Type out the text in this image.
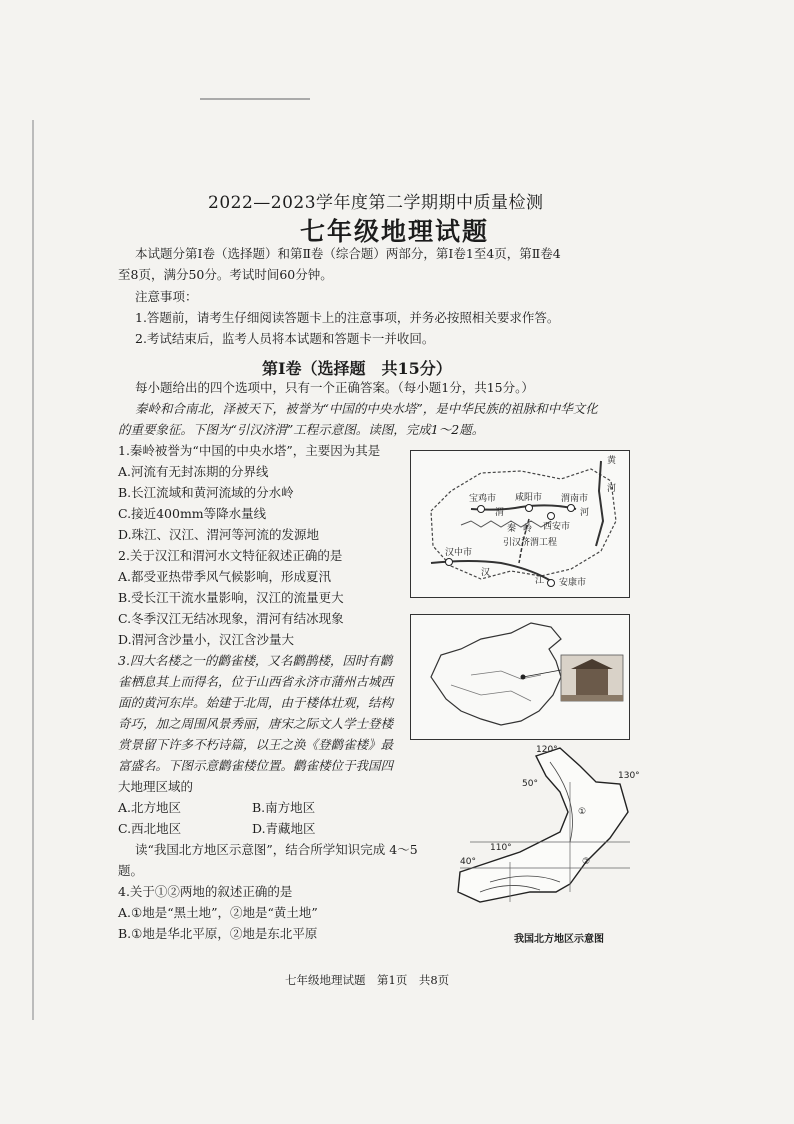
2022—2023学年度第二学期期中质量检测
七年级地理试题
本试题分第Ⅰ卷（选择题）和第Ⅱ卷（综合题）两部分，第Ⅰ卷1至4页，第Ⅱ卷4
至8页，满分50分。考试时间60分钟。
注意事项：
1.答题前，请考生仔细阅读答题卡上的注意事项，并务必按照相关要求作答。
2.考试结束后，监考人员将本试题和答题卡一并收回。
第Ⅰ卷（选择题　共15分）
每小题给出的四个选项中，只有一个正确答案。（每小题1分，共15分。）
秦岭和合南北，泽被天下，被誉为“中国的中央水塔”，是中华民族的祖脉和中华文化
的重要象征。下图为“引汉济渭”工程示意图。读图，完成1～2题。
1.秦岭被誉为“中国的中央水塔”，主要因为其是
A.河流有无封冻期的分界线
B.长江流域和黄河流域的分水岭
C.接近400mm等降水量线
D.珠江、汉江、渭河等河流的发源地
2.关于汉江和渭河水文特征叙述正确的是
A.都受亚热带季风气候影响，形成夏汛
B.受长江干流水量影响，汉江的流量更大
C.冬季汉江无结冰现象，渭河有结冰现象
D.渭河含沙量小，汉江含沙量大
3.四大名楼之一的鹳雀楼，又名鹳鹊楼，因时有鹳
雀栖息其上而得名，位于山西省永济市蒲州古城西
面的黄河东岸。始建于北周，由于楼体壮观，结构
奇巧，加之周围风景秀丽，唐宋之际文人学士登楼
赏景留下许多不朽诗篇，以王之涣《登鹳雀楼》最
富盛名。下图示意鹳雀楼位置。鹳雀楼位于我国四
大地理区域的
A.北方地区	B.南方地区
C.西北地区	D.青藏地区
读“我国北方地区示意图”，结合所学知识完成 4～5
题。
4.关于①②两地的叙述正确的是
A.①地是“黑土地”，②地是“黄土地”
B.①地是华北平原，②地是东北平原
宝鸡市
渭
咸阳市 渭南市
西安市
河
黄
河
秦 岭
引汉济渭工程
汉中市
汉
江 安康市
120°
130°
50°
110°
40°
①
②
我国北方地区示意图
七年级地理试题　第1页　共8页
